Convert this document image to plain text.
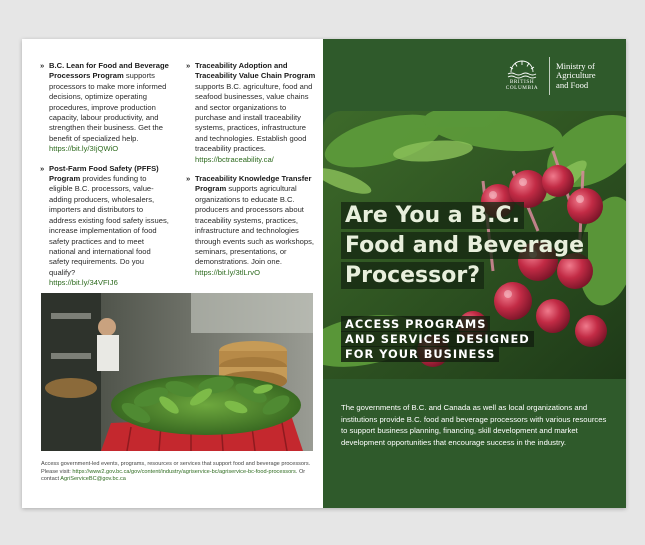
» B.C. Lean for Food and Beverage Processors Program supports processors to make more informed decisions, optimize operating procedures, improve production capacity, labour productivity, and strengthen their business. Get the benefit of specialized help.
https://bit.ly/3IjQWiO
» Post-Farm Food Safety (PFFS) Program provides funding to eligible B.C. processors, value-adding producers, wholesalers, importers and distributors to address existing food safety issues, increase implementation of food safety practices and to meet national and international food safety requirements. Do you qualify?
https://bit.ly/34VFIJ6
» Traceability Adoption and Traceability Value Chain Program supports B.C. agriculture, food and seafood businesses, value chains and sector organizations to purchase and install traceability systems, practices, infrastructure and technologies. Establish good traceability practices.
https://bctraceability.ca/
» Traceability Knowledge Transfer Program supports agricultural organizations to educate B.C. producers and processors about traceability systems, practices, infrastructure and technologies through events such as workshops, seminars, presentations, or demonstrations. Join one.
https://bit.ly/3tlLrvO
Access government-led events, programs, resources or services that support food and beverage processors. Please visit: https://www2.gov.bc.ca/gov/content/industry/agriservice-bc/agriservice-bc-food-processors. Or contact AgriServiceBC@gov.bc.ca
BRITISH
COLUMBIA
Ministry of
Agriculture
and Food
Are You a B.C.
Food and Beverage
Processor?
ACCESS PROGRAMS
AND SERVICES DESIGNED
FOR YOUR BUSINESS
The governments of B.C. and Canada as well as local organizations and institutions provide B.C. food and beverage processors with various resources to support business planning, financing, skill development and market development opportunities that encourage success in the industry.
